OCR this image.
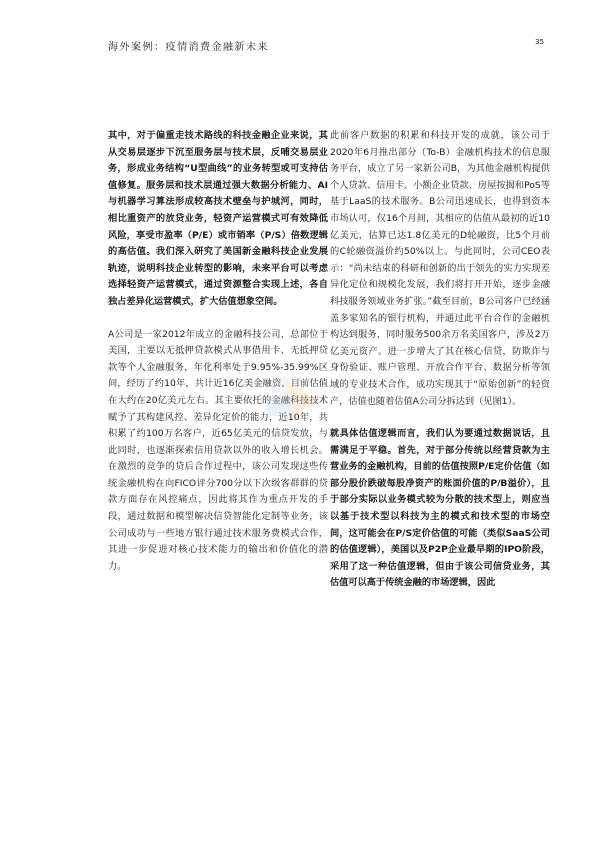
海外案例：疫情消费金融新未来	35

其中，对于偏重走技术路线的科技金融企业来说，其从交易层逐步下沉至服务层与技术层，反哺交易层业务，形成业务结构“U型曲线”的业务转型或可支持估值修复。服务层和技术层通过强大数据分析能力、AI与机器学习算法形成较高技术壁垒与护城河，同时，相比重资产的放贷业务，轻资产运营模式可有效降低风险，享受市盈率（P/E）或市销率（P/S）倍数逻辑的高估值。我们深入研究了美国新金融科技企业发展轨迹，说明科技企业转型的影响，未来平台可以考虑选择轻资产运营模式，通过资源整合实现上述，各自独占差异化运营模式，扩大估值想象空间。

A公司是一家2012年成立的金融科技公司，总部位于美国，主要以无抵押贷款模式从事借用卡、无抵押贷款等个人金融服务，年化利率处于9.95%-35.99%区间，经历了约10年，共计近16亿美金融资，目前估值在大约在20亿美元左右。其主要依托的金融科技技术赋予了其构建风控、差异化定价的能力，近10年，共积累了约100万名客户，近65亿美元的信贷发放，与此同时，也逐渐探索信用贷款以外的收入增长机会。在激烈的竞争的贷后合作过程中，该公司发现这些传统金融机构在向FICO评分700分以下次级客群群的贷款方面存在风控痛点，因此将其作为重点开发的手段，通过数据和模型解决信贷智能化定制等业务，该公司成功与一些地方银行通过技术服务费模式合作，其进一步促进对核心技术能力的输出和价值化的潜力。

此前客户数据的积累和科技开发的成就，该公司于2020年6月推出部分（To-B）金融机构技术的信息服务平台，成立了另一家新公司B，为其他金融机构提供个人贷款、信用卡、小额企业贷款、房屋按揭和PoS等基于LaaS的技术服务。B公司迅速成长，也得到资本市场认可，仅16个月间，其相应的估值从最初的近10亿美元，估算已达1.8亿美元的D轮融资，比5个月前的C轮融资溢价约50%以上。与此同时，公司CEO表示：“尚未结束的科研和创新的出于领先的实力实现差异化定位和规模化发展，我们将打开开始，逐步金融科技服务领域业务扩张。”截至目前，B公司客户已经涵盖多家知名的银行机构，并通过此平台合作的金融机构达到服务，同时服务500余万名美国客户，涉及2万亿美元资产。进一步增大了其在核心信贷，防欺诈与身份验证、账户管理、开放合作平台、数据分析等领域的专业技术合作，成功实现其于“原始创新”的轻资产，估值也随着估值A公司分拆达到（见图1）。

就具体估值逻辑而言，我们认为要通过数据说话，且需满足于平稳。首先，对于部分传统以经营贷款为主营业务的金融机构，目前的估值按照P/E定价估值（如部分股价跌破每股净资产的账面价值的P/B溢价），且于部分实际以业务模式较为分散的技术型上，则应当以基于技术型以科技为主的模式和技术型的市场空间，这可能会在P/S定价估值的可能（类似SaaS公司的估值逻辑），美国以及P2P企业最早期的IPO阶段，采用了这一种估值逻辑，但由于该公司信贷业务，其估值可以高于传统金融的市场逻辑，因此
